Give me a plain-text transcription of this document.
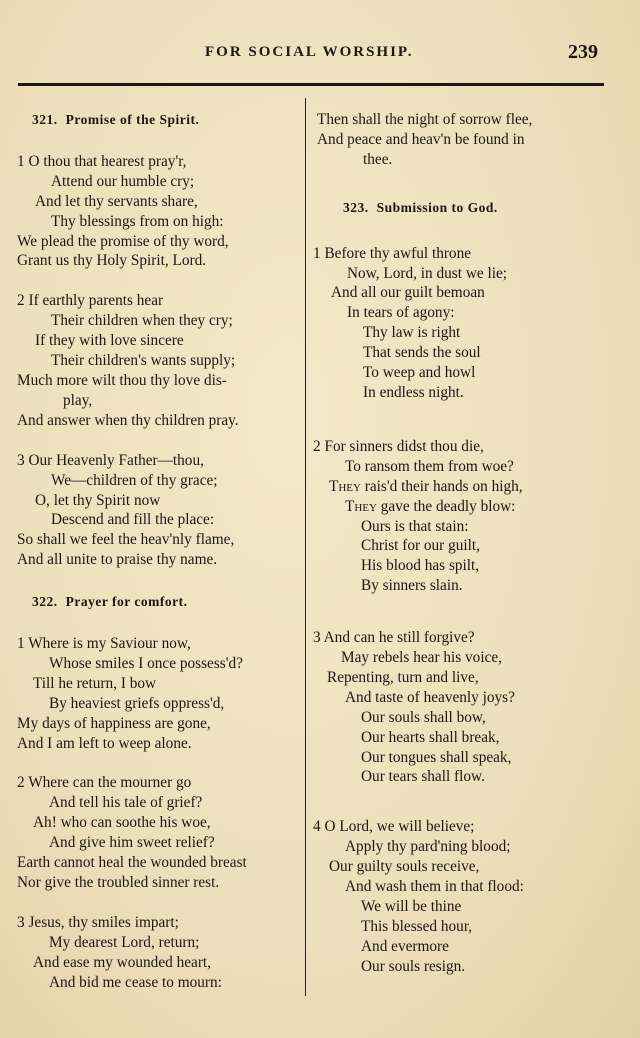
FOR SOCIAL WORSHIP.	239
321. Promise of the Spirit.
1 O thou that hearest pray'r,
Attend our humble cry;
And let thy servants share,
Thy blessings from on high:
We plead the promise of thy word,
Grant us thy Holy Spirit, Lord.
2 If earthly parents hear
Their children when they cry;
If they with love sincere
Their children's wants supply;
Much more wilt thou thy love dis-
play,
And answer when thy children pray.
3 Our Heavenly Father—thou,
We—children of thy grace;
O, let thy Spirit now
Descend and fill the place:
So shall we feel the heav'nly flame,
And all unite to praise thy name.
322. Prayer for comfort.
1 Where is my Saviour now,
Whose smiles I once possess'd?
Till he return, I bow
By heaviest griefs oppress'd,
My days of happiness are gone,
And I am left to weep alone.
2 Where can the mourner go
And tell his tale of grief?
Ah! who can soothe his woe,
And give him sweet relief?
Earth cannot heal the wounded breast
Nor give the troubled sinner rest.
3 Jesus, thy smiles impart;
My dearest Lord, return;
And ease my wounded heart,
And bid me cease to mourn:
Then shall the night of sorrow flee,
And peace and heav'n be found in
thee.
323. Submission to God.
1 Before thy awful throne
Now, Lord, in dust we lie;
And all our guilt bemoan
In tears of agony:
Thy law is right
That sends the soul
To weep and howl
In endless night.
2 For sinners didst thou die,
To ransom them from woe?
They rais'd their hands on high,
They gave the deadly blow:
Ours is that stain:
Christ for our guilt,
His blood has spilt,
By sinners slain.
3 And can he still forgive?
May rebels hear his voice,
Repenting, turn and live,
And taste of heavenly joys?
Our souls shall bow,
Our hearts shall break,
Our tongues shall speak,
Our tears shall flow.
4 O Lord, we will believe;
Apply thy pard'ning blood;
Our guilty souls receive,
And wash them in that flood:
We will be thine
This blessed hour,
And evermore
Our souls resign.
